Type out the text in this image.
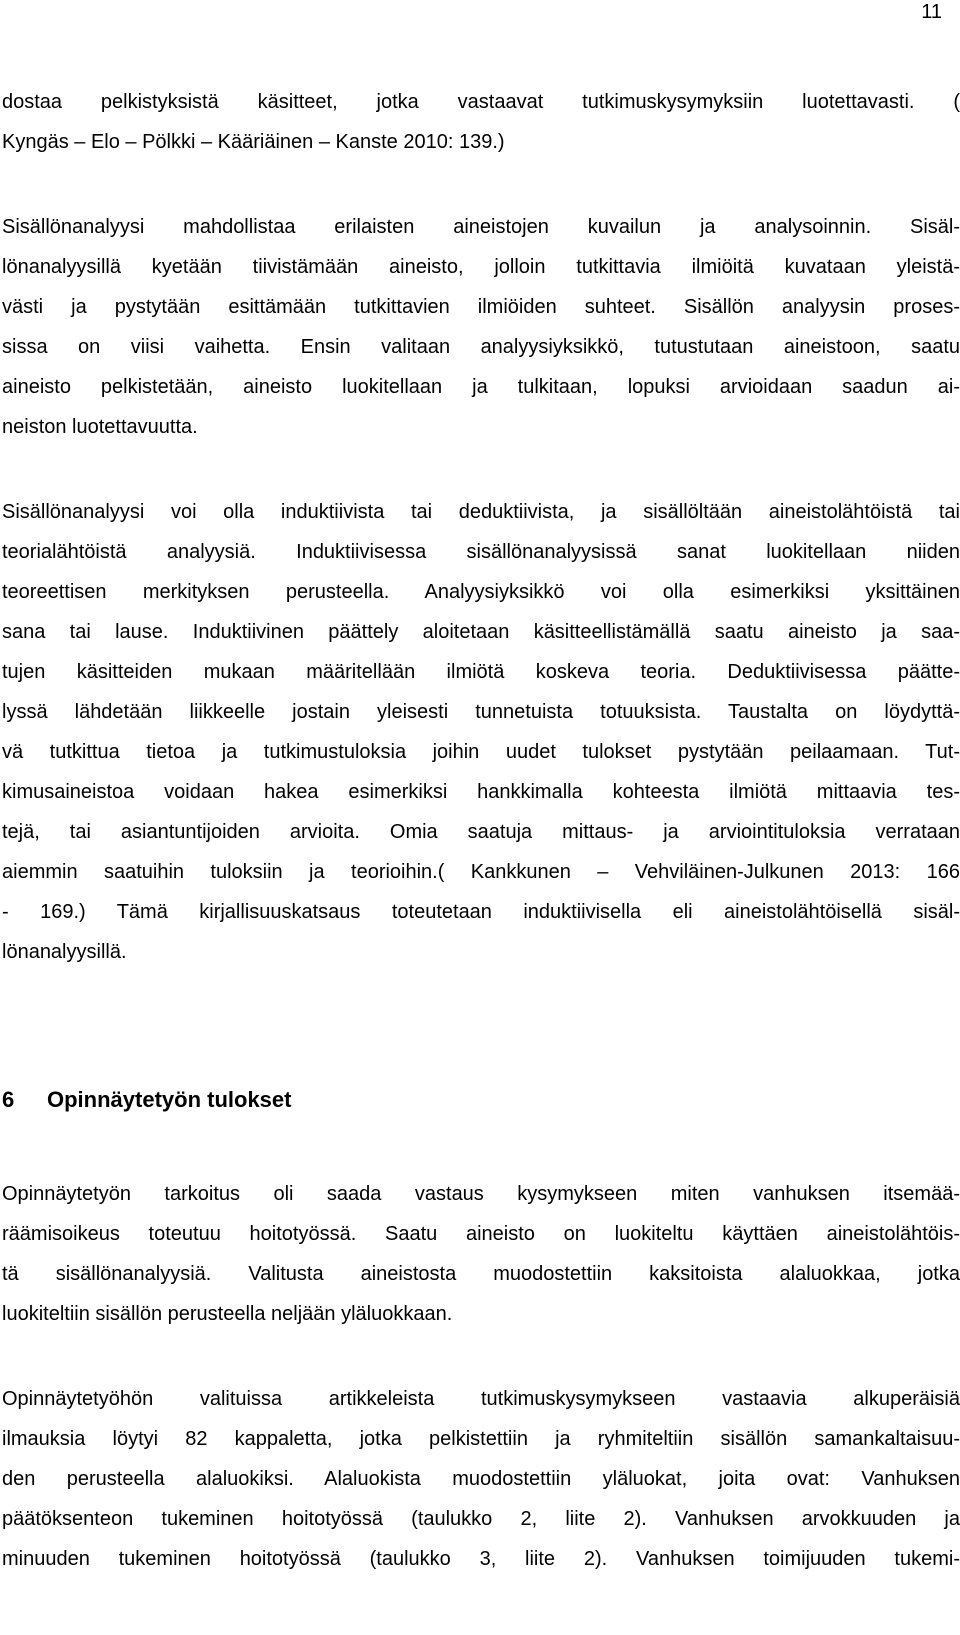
11
dostaa pelkistyksistä käsitteet, jotka vastaavat tutkimuskysymyksiin luotettavasti. (
Kyngäs – Elo – Pölkki – Kääriäinen – Kanste 2010: 139.)
Sisällönanalyysi mahdollistaa erilaisten aineistojen kuvailun ja analysoinnin. Sisäl-
lönanalyysillä kyetään tiivistämään aineisto, jolloin tutkittavia ilmiöitä kuvataan yleistä-
västi ja pystytään esittämään tutkittavien ilmiöiden suhteet. Sisällön analyysin proses-
sissa on viisi vaihetta. Ensin valitaan analyysiyksikkö, tutustutaan aineistoon, saatu
aineisto pelkistetään, aineisto luokitellaan ja tulkitaan, lopuksi arvioidaan saadun ai-
neiston luotettavuutta.
Sisällönanalyysi voi olla induktiivista tai deduktiivista, ja sisällöltään aineistolähtöistä tai
teorialähtöistä analyysiä. Induktiivisessa sisällönanalyysissä sanat luokitellaan niiden
teoreettisen merkityksen perusteella. Analyysiyksikkö voi olla esimerkiksi yksittäinen
sana tai lause. Induktiivinen päättely aloitetaan käsitteellistämällä saatu aineisto ja saa-
tujen käsitteiden mukaan määritellään ilmiötä koskeva teoria. Deduktiivisessa päätte-
lyssä lähdetään liikkeelle jostain yleisesti tunnetuista totuuksista. Taustalta on löydyttä-
vä tutkittua tietoa ja tutkimustuloksia joihin uudet tulokset pystytään peilaamaan. Tut-
kimusaineistoa voidaan hakea esimerkiksi hankkimalla kohteesta ilmiötä mittaavia tes-
tejä, tai asiantuntijoiden arvioita. Omia saatuja mittaus- ja arviointituloksia verrataan
aiemmin saatuihin tuloksiin ja teorioihin.( Kankkunen – Vehviläinen-Julkunen 2013: 166
- 169.) Tämä kirjallisuuskatsaus toteutetaan induktiivisella eli aineistolähtöisellä sisäl-
lönanalyysillä.
6 Opinnäytetyön tulokset
Opinnäytetyön tarkoitus oli saada vastaus kysymykseen miten vanhuksen itsemää-
räämisoikeus toteutuu hoitotyössä. Saatu aineisto on luokiteltu käyttäen aineistolähtöis-
tä sisällönanalyysiä. Valitusta aineistosta muodostettiin kaksitoista alaluokkaa, jotka
luokiteltiin sisällön perusteella neljään yläluokkaan.
Opinnäytetyöhön valituissa artikkeleista tutkimuskysymykseen vastaavia alkuperäisiä
ilmauksia löytyi 82 kappaletta, jotka pelkistettiin ja ryhmiteltiin sisällön samankaltaisuu-
den perusteella alaluokiksi. Alaluokista muodostettiin yläluokat, joita ovat: Vanhuksen
päätöksenteon tukeminen hoitotyössä (taulukko 2, liite 2). Vanhuksen arvokkuuden ja
minuuden tukeminen hoitotyössä (taulukko 3, liite 2). Vanhuksen toimijuuden tukemi-
